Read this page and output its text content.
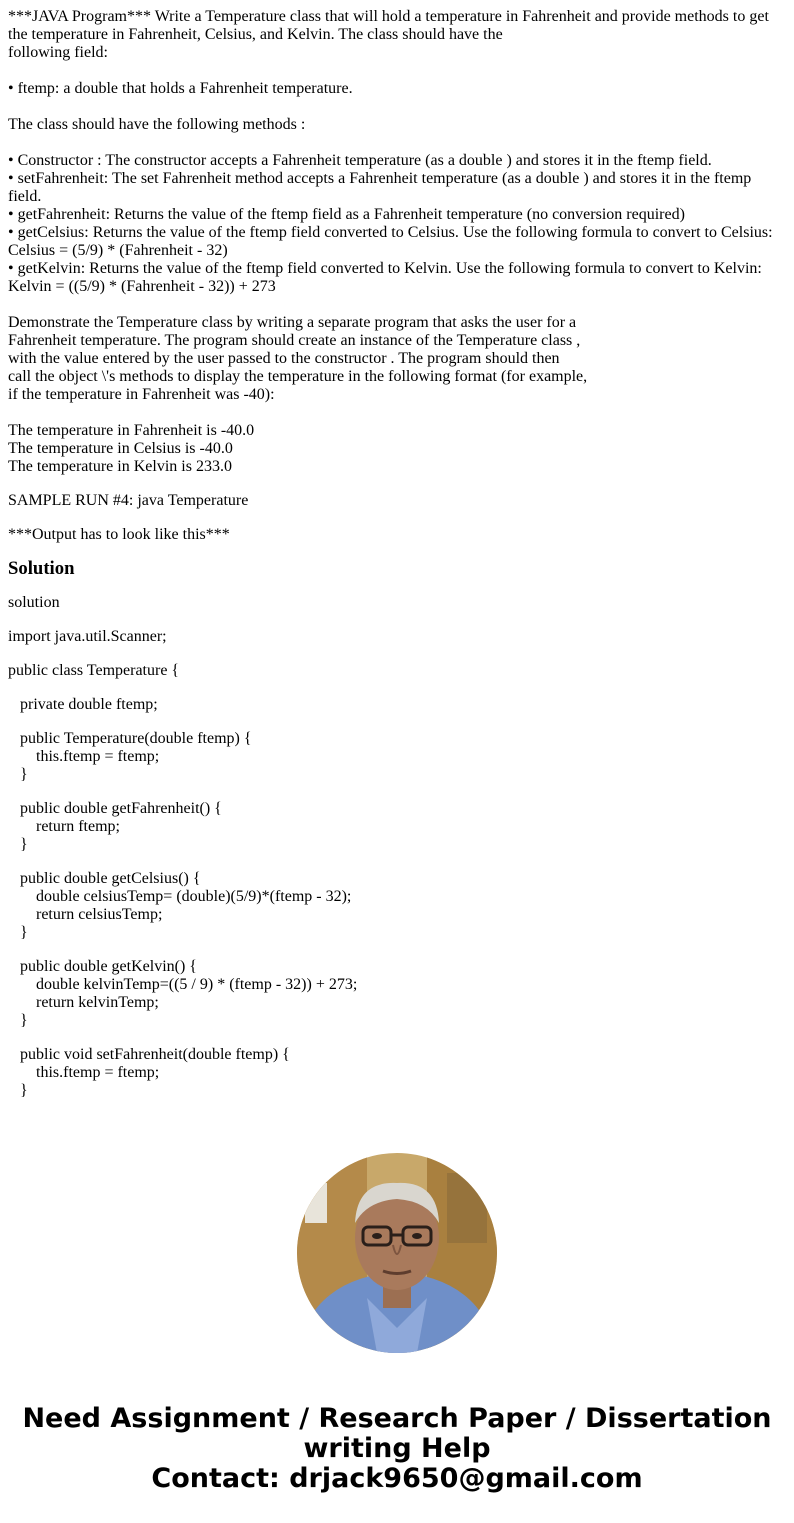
***JAVA Program*** Write a Temperature class that will hold a temperature in Fahrenheit and provide methods to get

the temperature in Fahrenheit, Celsius, and Kelvin. The class should have the

following field:

• ftemp: a double that holds a Fahrenheit temperature.

The class should have the following methods :

• Constructor : The constructor accepts a Fahrenheit temperature (as a double ) and stores it in the ftemp field.

• setFahrenheit: The set Fahrenheit method accepts a Fahrenheit temperature (as a double ) and stores it in the ftemp

field.

• getFahrenheit: Returns the value of the ftemp field as a Fahrenheit temperature (no conversion required)

• getCelsius: Returns the value of the ftemp field converted to Celsius. Use the following formula to convert to Celsius:

Celsius = (5/9) * (Fahrenheit - 32)

• getKelvin: Returns the value of the ftemp field converted to Kelvin. Use the following formula to convert to Kelvin:

Kelvin = ((5/9) * (Fahrenheit - 32)) + 273

Demonstrate the Temperature class by writing a separate program that asks the user for a

Fahrenheit temperature. The program should create an instance of the Temperature class ,

with the value entered by the user passed to the constructor . The program should then

call the object \'s methods to display the temperature in the following format (for example,

if the temperature in Fahrenheit was -40):

The temperature in Fahrenheit is -40.0

The temperature in Celsius is -40.0

The temperature in Kelvin is 233.0

SAMPLE RUN #4: java Temperature

***Output has to look like this***

Solution

solution

import java.util.Scanner;

public class Temperature {

private double ftemp;

public Temperature(double ftemp) {

this.ftemp = ftemp;

}

public double getFahrenheit() {

return ftemp;

}

public double getCelsius() {

double celsiusTemp= (double)(5/9)*(ftemp - 32);

return celsiusTemp;

}

public double getKelvin() {

double kelvinTemp=((5 / 9) * (ftemp - 32)) + 273;

return kelvinTemp;

}

public void setFahrenheit(double ftemp) {

this.ftemp = ftemp;

}

Need Assignment / Research Paper / Dissertation
writing Help
Contact: drjack9650@gmail.com
